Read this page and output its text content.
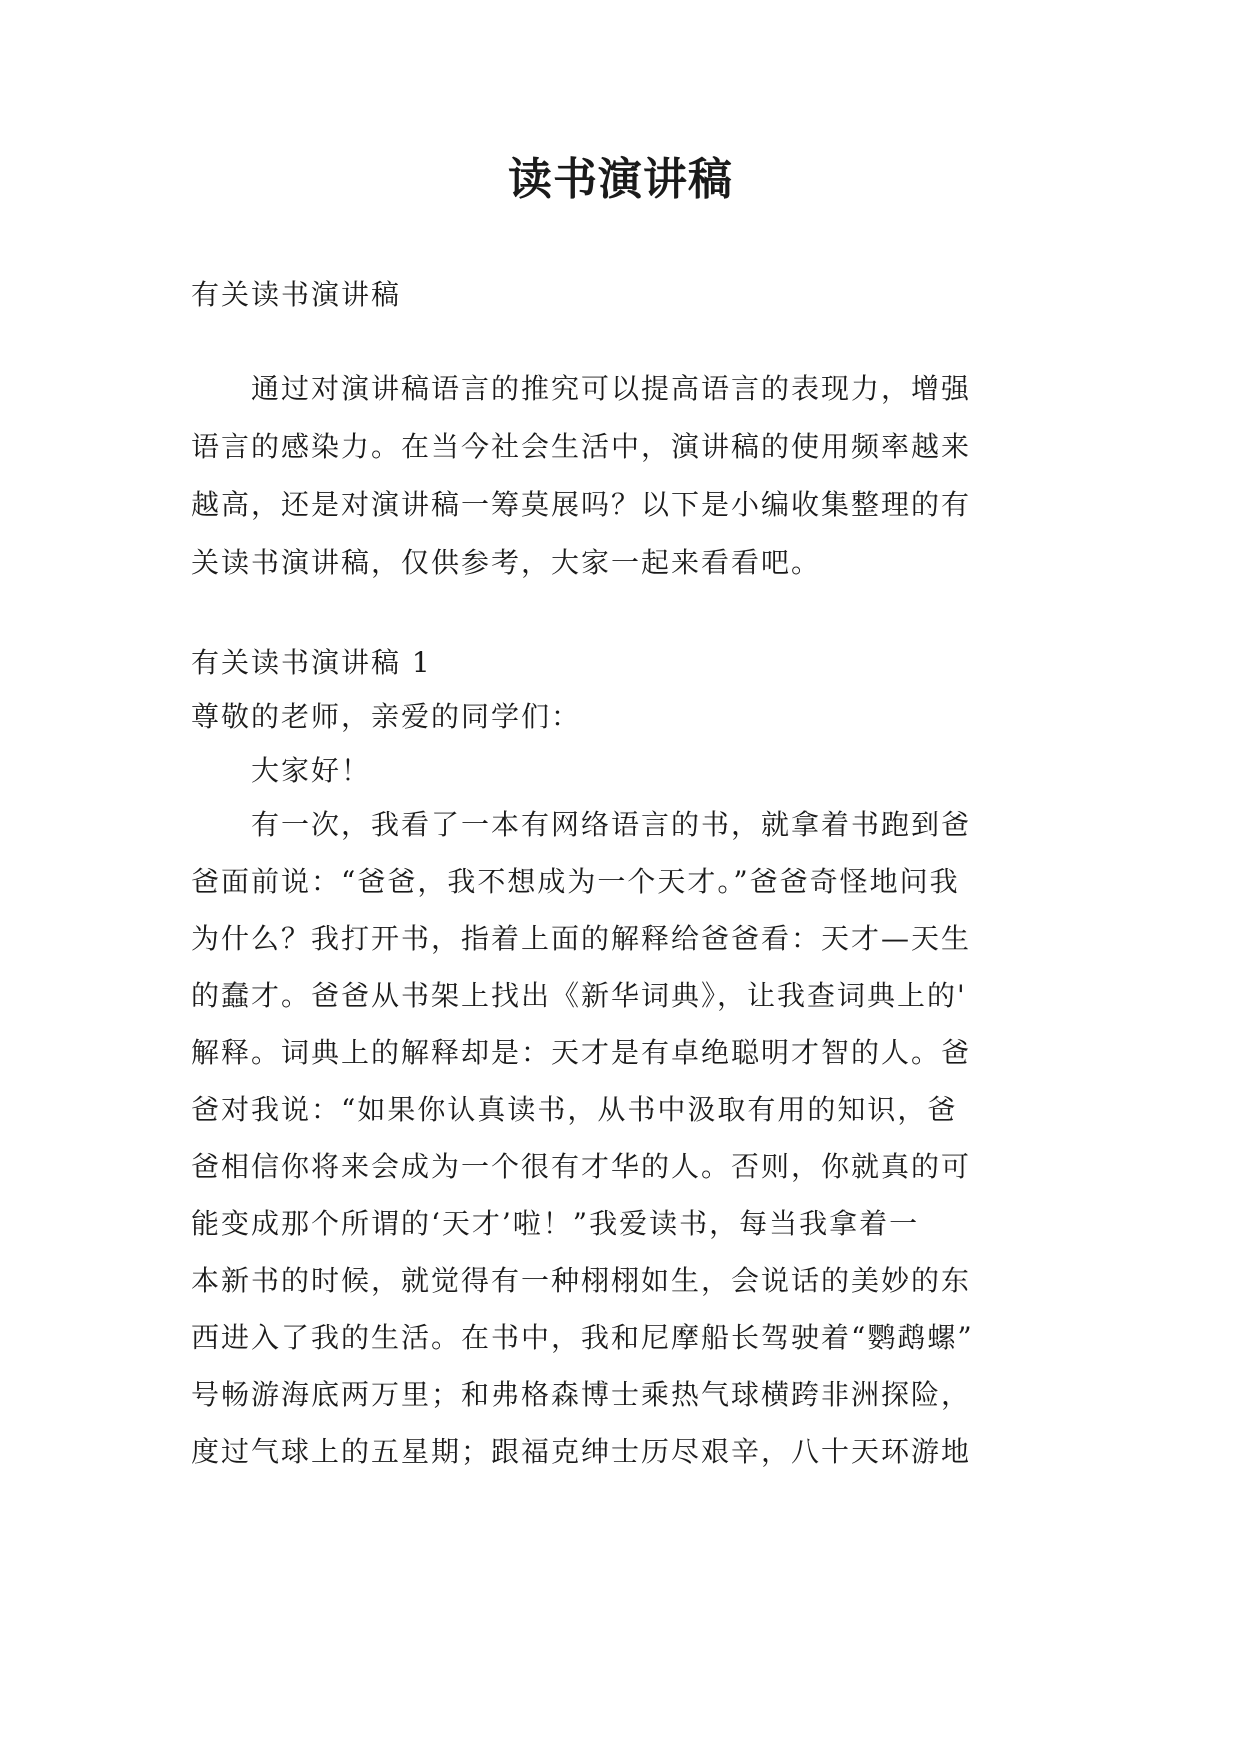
读书演讲稿

有关读书演讲稿

　　通过对演讲稿语言的推究可以提高语言的表现力，增强

语言的感染力。在当今社会生活中，演讲稿的使用频率越来

越高，还是对演讲稿一筹莫展吗？以下是小编收集整理的有

关读书演讲稿，仅供参考，大家一起来看看吧。

有关读书演讲稿 1

尊敬的老师，亲爱的同学们：

　　大家好！

　　有一次，我看了一本有网络语言的书，就拿着书跑到爸

爸面前说：“爸爸，我不想成为一个天才。”爸爸奇怪地问我

为什么？我打开书，指着上面的解释给爸爸看：天才—天生

的蠢才。爸爸从书架上找出《新华词典》，让我查词典上的'

解释。词典上的解释却是：天才是有卓绝聪明才智的人。爸

爸对我说：“如果你认真读书，从书中汲取有用的知识，爸

爸相信你将来会成为一个很有才华的人。否则，你就真的可

能变成那个所谓的‘天才’啦！”我爱读书，每当我拿着一

本新书的时候，就觉得有一种栩栩如生，会说话的美妙的东

西进入了我的生活。在书中，我和尼摩船长驾驶着“鹦鹉螺”

号畅游海底两万里；和弗格森博士乘热气球横跨非洲探险，

度过气球上的五星期；跟福克绅士历尽艰辛，八十天环游地
